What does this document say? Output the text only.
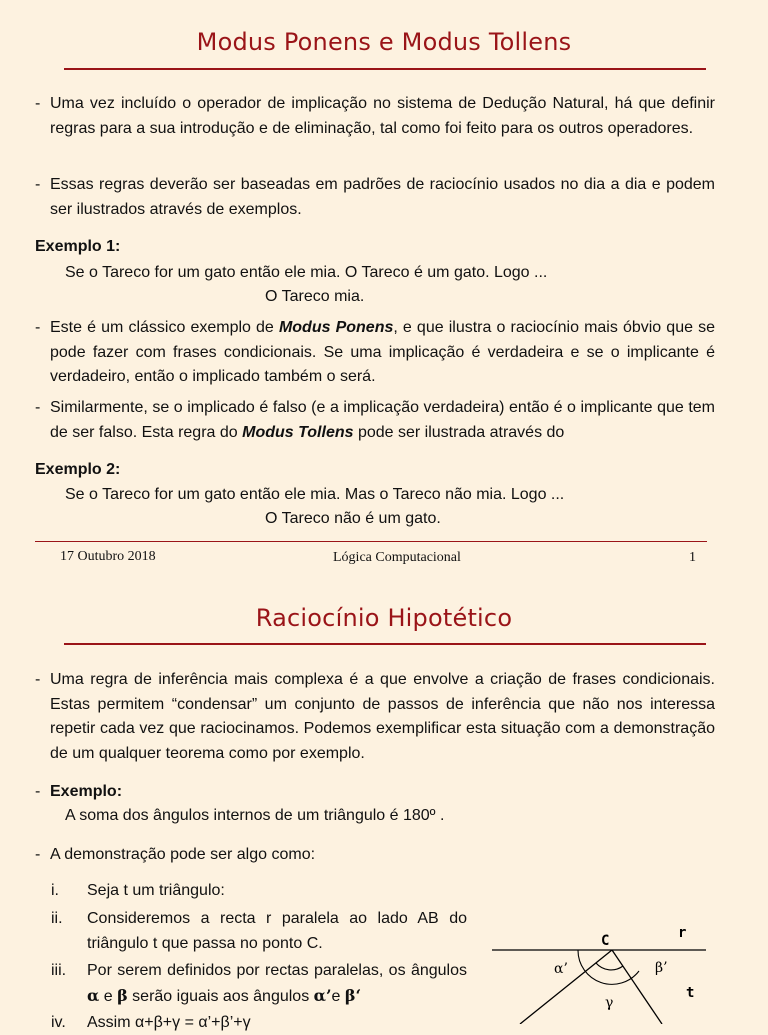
Modus Ponens e Modus Tollens
- Uma vez incluído o operador de implicação no sistema de Dedução Natural, há que definir regras para a sua introdução e de eliminação, tal como foi feito para os outros operadores.

- Essas regras deverão ser baseadas em padrões de raciocínio usados no dia a dia e podem ser ilustrados através de exemplos.

Exemplo 1:
Se o Tareco for um gato então ele mia. O Tareco é um gato. Logo ...
O Tareco mia.
- Este é um clássico exemplo de Modus Ponens, e que ilustra o raciocínio mais óbvio que se pode fazer com frases condicionais. Se uma implicação é verdadeira e se o implicante é verdadeiro, então o implicado também o será.

- Similarmente, se o implicado é falso (e a implicação verdadeira) então é o implicante que tem de ser falso. Esta regra do Modus Tollens pode ser ilustrada através do

Exemplo 2:
Se o Tareco for um gato então ele mia. Mas o Tareco não mia. Logo ...
O Tareco não é um gato.
17 Outubro 2018	Lógica Computacional	1
Raciocínio Hipotético
- Uma regra de inferência mais complexa é a que envolve a criação de frases condicionais. Estas permitem “condensar” um conjunto de passos de inferência que não nos interessa repetir cada vez que raciocinamos. Podemos exemplificar esta situação com a demonstração de um qualquer teorema como por exemplo.

- Exemplo:
A soma dos ângulos internos de um triângulo é 180º .
- A demonstração pode ser algo como:
i. Seja t um triângulo:
ii. Consideremos a recta r paralela ao lado AB do triângulo t que passa no ponto C.

iii. Por serem definidos por rectas paralelas, os ângulos α e β serão iguais aos ângulos α’e β‘

iv. Assim α+β+γ = α’+β’+γ
C	r
t
α’	β’
γ
